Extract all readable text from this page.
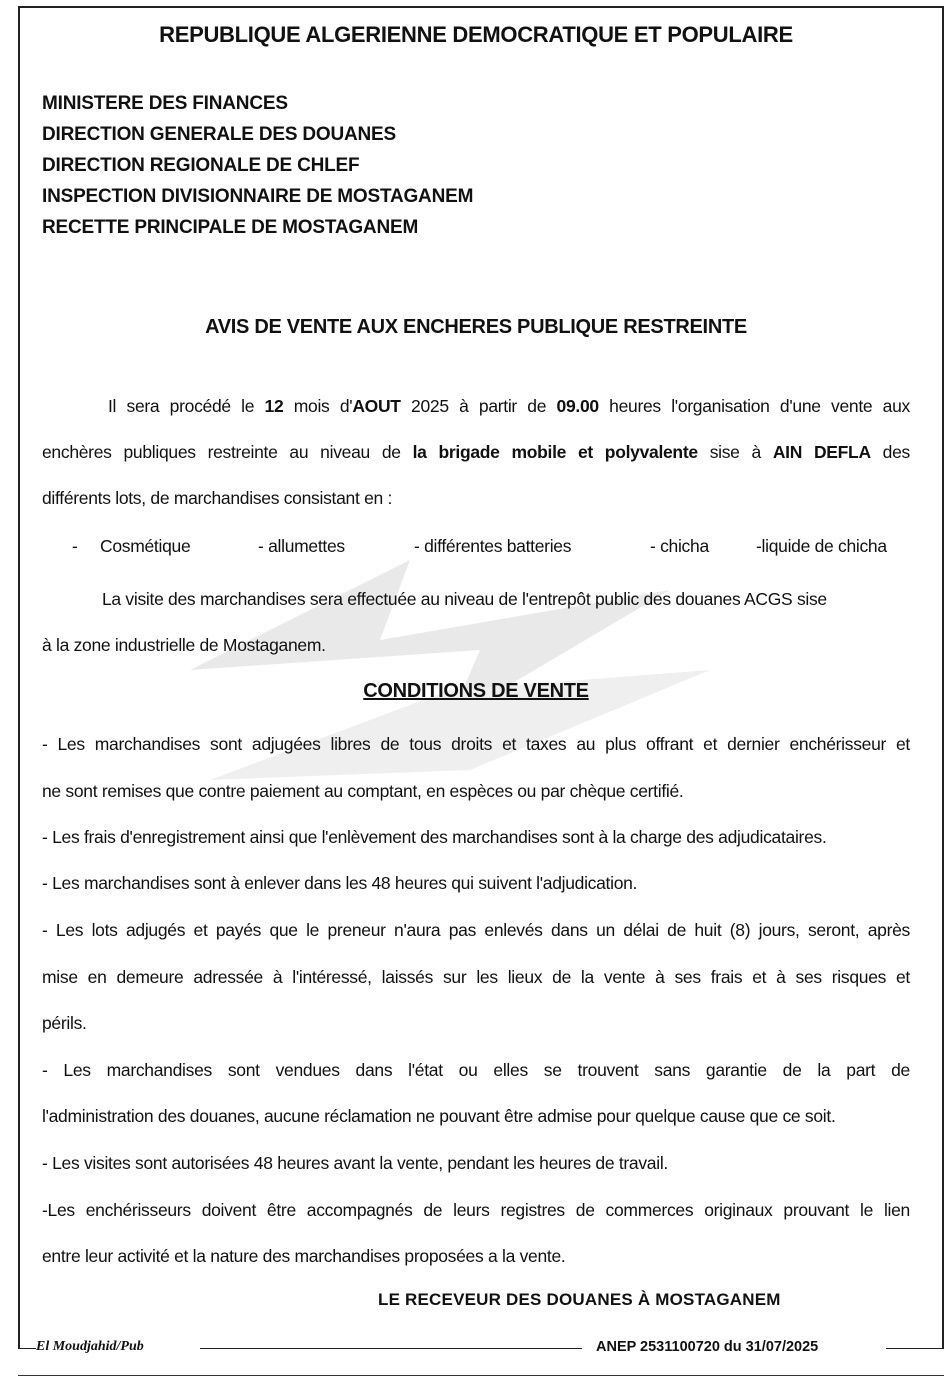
REPUBLIQUE ALGERIENNE DEMOCRATIQUE ET POPULAIRE
MINISTERE DES FINANCES
DIRECTION GENERALE DES DOUANES
DIRECTION REGIONALE DE CHLEF
INSPECTION DIVISIONNAIRE DE MOSTAGANEM
RECETTE PRINCIPALE DE MOSTAGANEM
AVIS DE VENTE AUX ENCHERES PUBLIQUE RESTREINTE
Il sera procédé le 12 mois d'AOUT 2025 à partir de 09.00 heures l'organisation d'une vente aux
enchères publiques restreinte au niveau de la brigade mobile et polyvalente sise à AIN DEFLA des
différents lots, de marchandises consistant en :
- Cosmétique	- allumettes	- différentes batteries	- chicha	-liquide de chicha
La visite des marchandises sera effectuée au niveau de l'entrepôt public des douanes ACGS sise
à la zone industrielle de Mostaganem.
CONDITIONS DE VENTE
- Les marchandises sont adjugées libres de tous droits et taxes au plus offrant et dernier enchérisseur et
ne sont remises que contre paiement au comptant, en espèces ou par chèque certifié.
- Les frais d'enregistrement ainsi que l'enlèvement des marchandises sont à la charge des adjudicataires.
- Les marchandises sont à enlever dans les 48 heures qui suivent l'adjudication.
- Les lots adjugés et payés que le preneur n'aura pas enlevés dans un délai de huit (8) jours, seront, après
mise en demeure adressée à l'intéressé, laissés sur les lieux de la vente à ses frais et à ses risques et
périls.
- Les marchandises sont vendues dans l'état ou elles se trouvent sans garantie de la part de
l'administration des douanes, aucune réclamation ne pouvant être admise pour quelque cause que ce soit.
- Les visites sont autorisées 48 heures avant la vente, pendant les heures de travail.
-Les enchérisseurs doivent être accompagnés de leurs registres de commerces originaux prouvant le lien
entre leur activité et la nature des marchandises proposées a la vente.
LE RECEVEUR DES DOUANES À MOSTAGANEM
El Moudjahid/Pub	ANEP 2531100720 du 31/07/2025
